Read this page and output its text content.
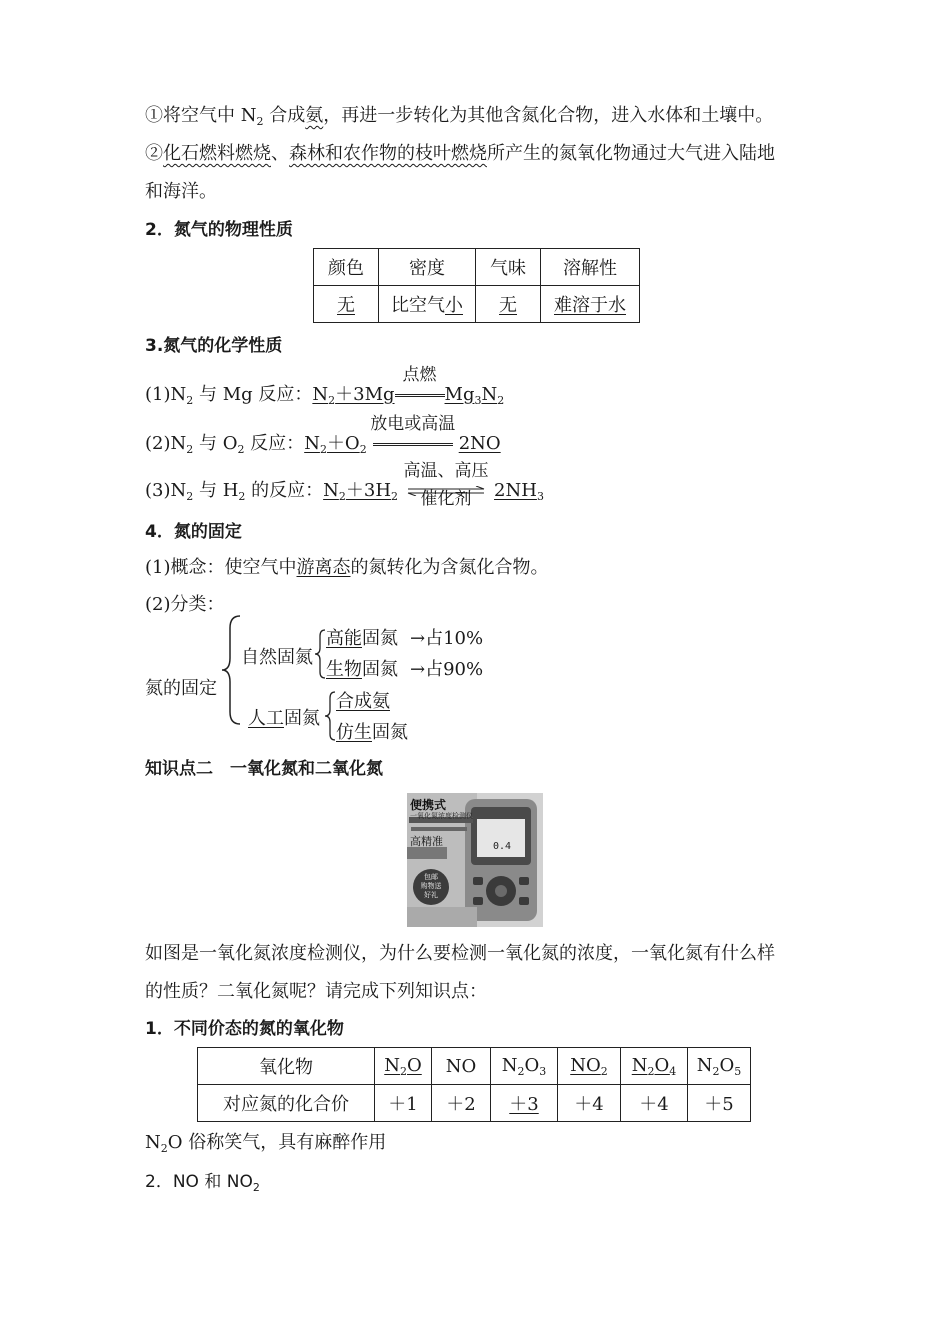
①将空气中 $N_2$ 合成氨，再进一步转化为其他含氮化合物，进入水体和土壤中。
②化石燃料燃烧、森林和农作物的枝叶燃烧所产生的氮氧化物通过大气进入陆地
和海洋。
2．氮气的物理性质
颜色	密度	气味	溶解性
无	比空气小	无	难溶于水
3.氮气的化学性质
$(1)N_2$ 与 Mg 反应：$N_2+3Mg$
点燃
$Mg_3N_2$
$(2)N_2$ 与 $O_2$ 反应：$N_2+O_2$
放电或高温
2NO
$(3)N_2$ 与 $H_2$ 的反应：$N_2+3H_2$
高温、高压
催化剂	$2NH_3$
4．氮的固定
(1)概念：使空气中游离态的氮转化为含氮化合物。
(2)分类：
氮的固定
自然固氮
高能固氮 →占10%
生物固氮 →占90%
人工固氮
合成氨
仿生固氮
知识点二　一氧化氮和二氧化氮
便携式
一氧化氮浓度检测仪
高精准
包邮
购物送
好礼
0.4
如图是一氧化氮浓度检测仪，为什么要检测一氧化氮的浓度，一氧化氮有什么样
的性质？二氧化氮呢？请完成下列知识点：
1．不同价态的氮的氧化物
氧化物	$N_2O$	NO	$N_2O_3$	$NO_2$	$N_2O_4$	$N_2O_5$
对应氮的化合价	＋1	＋2	＋3	＋4	＋4	＋5
$N_2O$ 俗称笑气，具有麻醉作用
2．NO 和 $NO_2$
